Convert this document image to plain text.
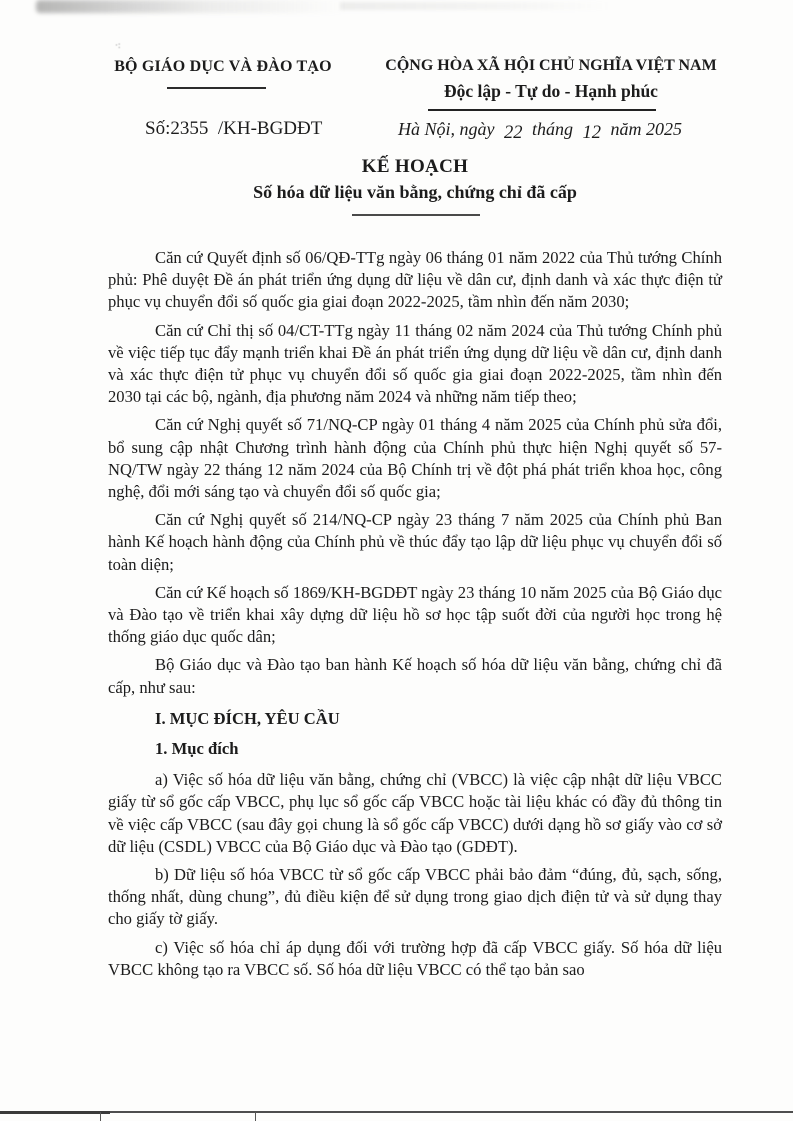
·:
BỘ GIÁO DỤC VÀ ĐÀO TẠO
Số:2355  /KH-BGDĐT
CỘNG HÒA XÃ HỘI CHỦ NGHĨA VIỆT NAM
Độc lập - Tự do - Hạnh phúc
Hà Nội, ngày 22 tháng 12 năm 2025
KẾ HOẠCH
Số hóa dữ liệu văn bằng, chứng chỉ đã cấp

Căn cứ Quyết định số 06/QĐ-TTg ngày 06 tháng 01 năm 2022 của Thủ tướng Chính phủ: Phê duyệt Đề án phát triển ứng dụng dữ liệu về dân cư, định danh và xác thực điện tử phục vụ chuyển đổi số quốc gia giai đoạn 2022-2025, tầm nhìn đến năm 2030;

Căn cứ Chỉ thị số 04/CT-TTg ngày 11 tháng 02 năm 2024 của Thủ tướng Chính phủ về việc tiếp tục đẩy mạnh triển khai Đề án phát triển ứng dụng dữ liệu về dân cư, định danh và xác thực điện tử phục vụ chuyển đổi số quốc gia giai đoạn 2022-2025, tầm nhìn đến 2030 tại các bộ, ngành, địa phương năm 2024 và những năm tiếp theo;

Căn cứ Nghị quyết số 71/NQ-CP ngày 01 tháng 4 năm 2025 của Chính phủ sửa đổi, bổ sung cập nhật Chương trình hành động của Chính phủ thực hiện Nghị quyết số 57-NQ/TW ngày 22 tháng 12 năm 2024 của Bộ Chính trị về đột phá phát triển khoa học, công nghệ, đổi mới sáng tạo và chuyển đổi số quốc gia;

Căn cứ Nghị quyết số 214/NQ-CP ngày 23 tháng 7 năm 2025 của Chính phủ Ban hành Kế hoạch hành động của Chính phủ về thúc đẩy tạo lập dữ liệu phục vụ chuyển đổi số toàn diện;

Căn cứ Kế hoạch số 1869/KH-BGDĐT ngày 23 tháng 10 năm 2025 của Bộ Giáo dục và Đào tạo về triển khai xây dựng dữ liệu hồ sơ học tập suốt đời của người học trong hệ thống giáo dục quốc dân;

Bộ Giáo dục và Đào tạo ban hành Kế hoạch số hóa dữ liệu văn bằng, chứng chỉ đã cấp, như sau:

I. MỤC ĐÍCH, YÊU CẦU

1. Mục đích

a) Việc số hóa dữ liệu văn bằng, chứng chỉ (VBCC) là việc cập nhật dữ liệu VBCC giấy từ sổ gốc cấp VBCC, phụ lục sổ gốc cấp VBCC hoặc tài liệu khác có đầy đủ thông tin về việc cấp VBCC (sau đây gọi chung là sổ gốc cấp VBCC) dưới dạng hồ sơ giấy vào cơ sở dữ liệu (CSDL) VBCC của Bộ Giáo dục và Đào tạo (GDĐT).

b) Dữ liệu số hóa VBCC từ sổ gốc cấp VBCC phải bảo đảm “đúng, đủ, sạch, sống, thống nhất, dùng chung”, đủ điều kiện để sử dụng trong giao dịch điện tử và sử dụng thay cho giấy tờ giấy.

c) Việc số hóa chỉ áp dụng đối với trường hợp đã cấp VBCC giấy. Số hóa dữ liệu VBCC không tạo ra VBCC số. Số hóa dữ liệu VBCC có thể tạo bản sao
